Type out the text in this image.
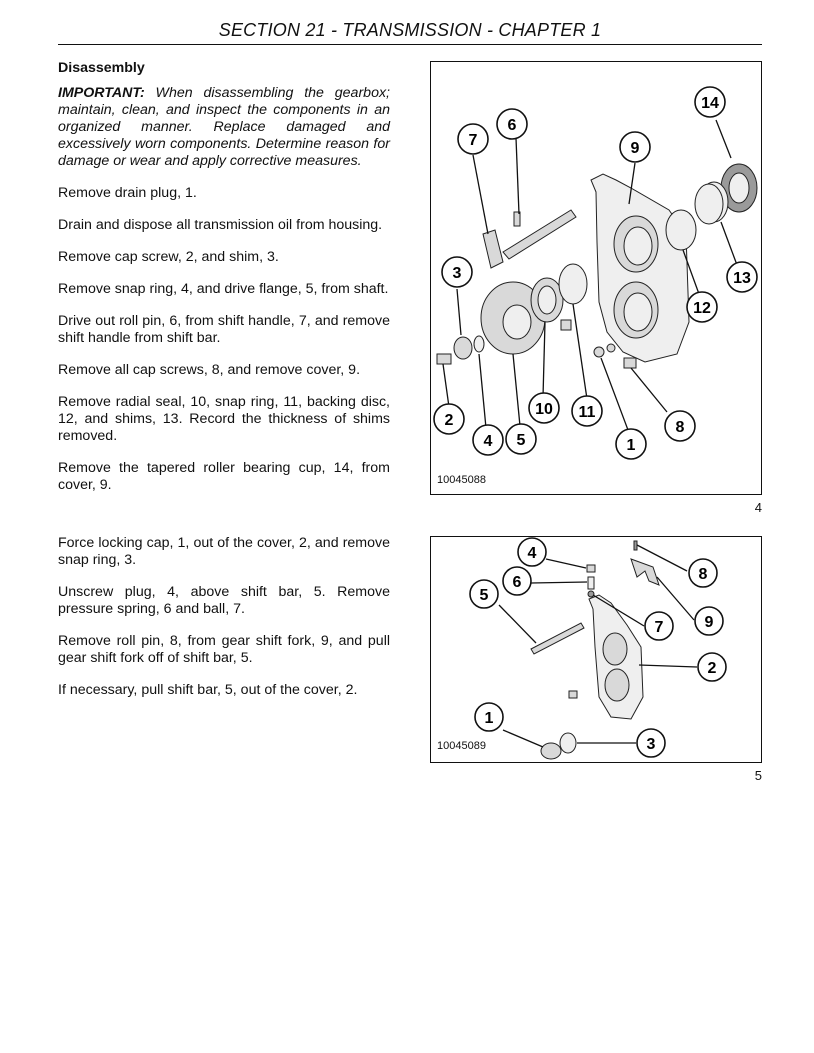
SECTION 21 - TRANSMISSION - CHAPTER 1

Disassembly

IMPORTANT: When disassembling the gearbox; maintain, clean, and inspect the components in an organized manner. Replace damaged and excessively worn components. Determine reason for damage or wear and apply corrective measures.

Remove drain plug, 1.

Drain and dispose all transmission oil from housing.

Remove cap screw, 2, and shim, 3.

Remove snap ring, 4, and drive flange, 5, from shaft.

Drive out roll pin, 6, from shift handle, 7, and remove shift handle from shift bar.

Remove all cap screws, 8, and remove cover, 9.

Remove radial seal, 10, snap ring, 11, backing disc, 12, and shims, 13. Record the thickness of shims removed.

Remove the tapered roller bearing cup, 14, from cover, 9.

7
6
9
14
13
12
3
2
4 5
10 11
1
8
10045088
4

Force locking cap, 1, out of the cover, 2, and remove snap ring, 3.

Unscrew plug, 4, above shift bar, 5. Remove pressure spring, 6 and ball, 7.

Remove roll pin, 8, from gear shift fork, 9, and pull gear shift fork off of shift bar, 5.

If necessary, pull shift bar, 5, out of the cover, 2.

4
6
5
7
8
9
2
1
3
10045089
5
